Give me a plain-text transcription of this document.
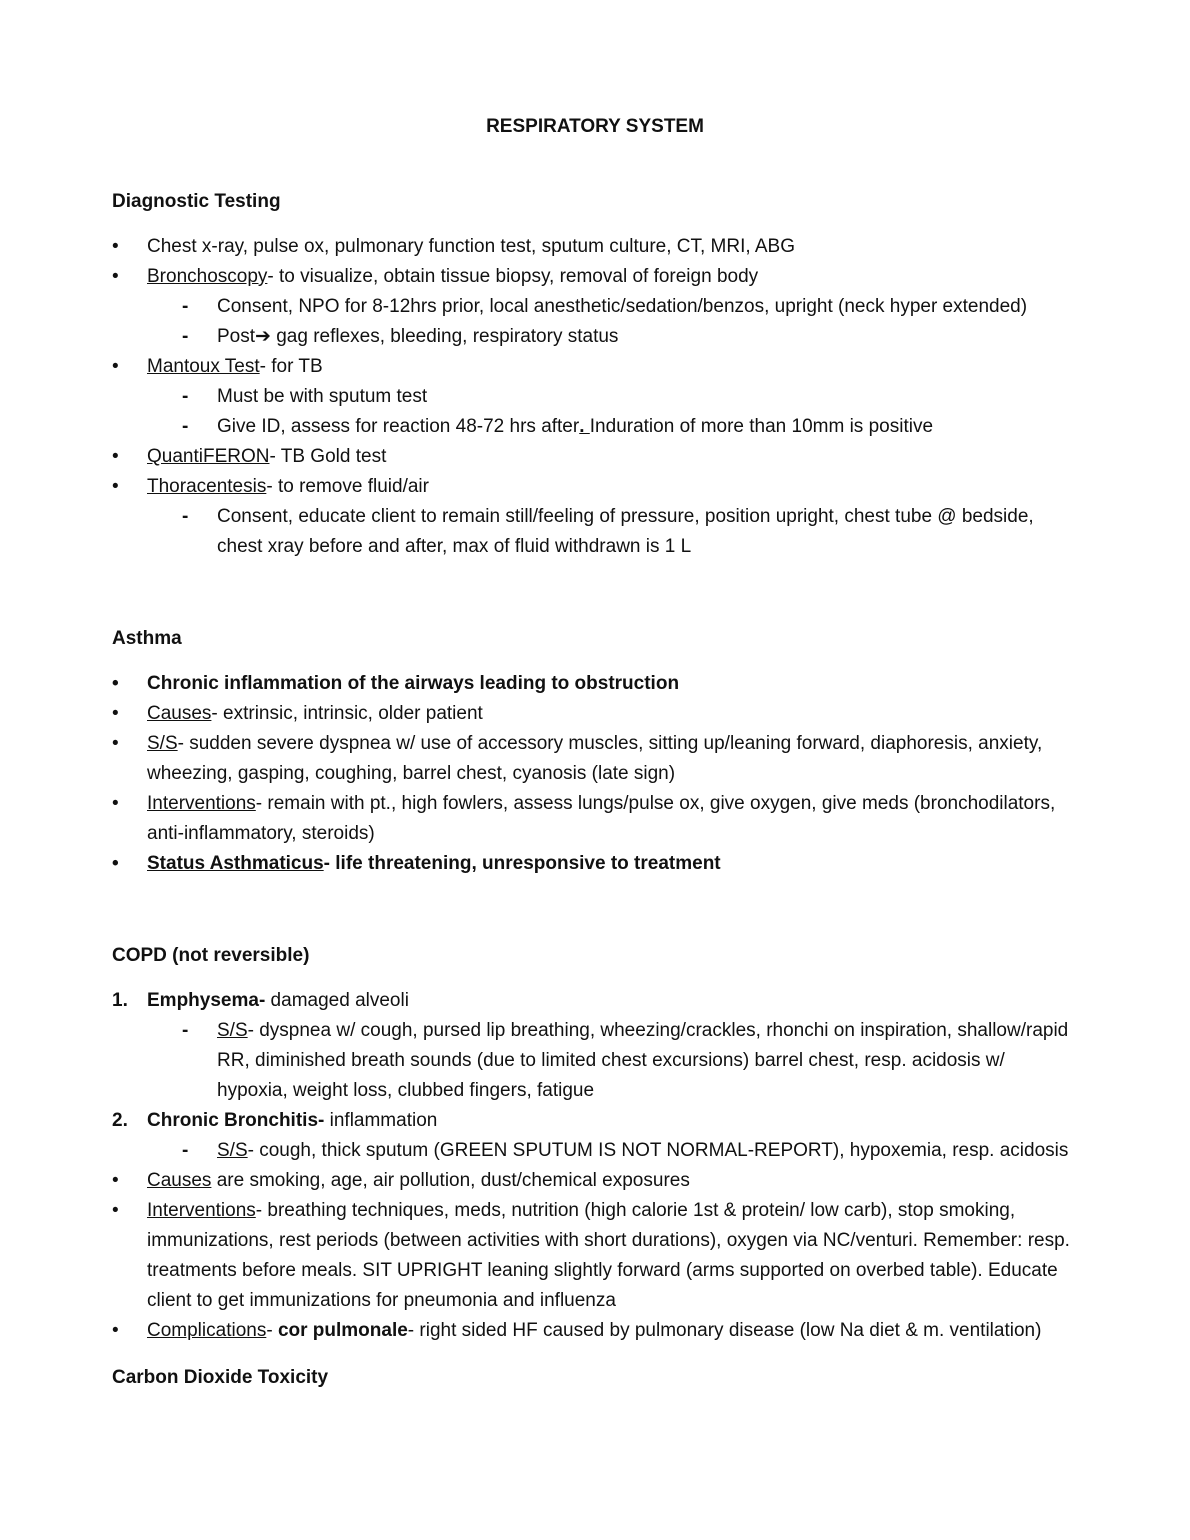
RESPIRATORY SYSTEM
Diagnostic Testing
•
Chest x-ray, pulse ox, pulmonary function test, sputum culture, CT, MRI, ABG
•
Bronchoscopy- to visualize, obtain tissue biopsy, removal of foreign body
- Consent, NPO for 8-12hrs prior, local anesthetic/sedation/benzos, upright (neck hyper extended)
- Post➔ gag reflexes, bleeding, respiratory status
•
Mantoux Test- for TB
- Must be with sputum test
- Give ID, assess for reaction 48-72 hrs after. Induration of more than 10mm is positive
•
QuantiFERON- TB Gold test
•
Thoracentesis- to remove fluid/air
- Consent, educate client to remain still/feeling of pressure, position upright, chest tube @ bedside, chest xray before and after, max of fluid withdrawn is 1 L
Asthma
•
Chronic inflammation of the airways leading to obstruction
•
Causes- extrinsic, intrinsic, older patient
•
S/S- sudden severe dyspnea w/ use of accessory muscles, sitting up/leaning forward, diaphoresis, anxiety, wheezing, gasping, coughing, barrel chest, cyanosis (late sign)
•
Interventions- remain with pt., high fowlers, assess lungs/pulse ox, give oxygen, give meds (bronchodilators, anti-inflammatory, steroids)
•
Status Asthmaticus- life threatening, unresponsive to treatment
COPD (not reversible)
1. Emphysema- damaged alveoli
- S/S- dyspnea w/ cough, pursed lip breathing, wheezing/crackles, rhonchi on inspiration, shallow/rapid RR, diminished breath sounds (due to limited chest excursions) barrel chest, resp. acidosis w/ hypoxia, weight loss, clubbed fingers, fatigue
2. Chronic Bronchitis- inflammation
- S/S- cough, thick sputum (GREEN SPUTUM IS NOT NORMAL-REPORT), hypoxemia, resp. acidosis
•
Causes are smoking, age, air pollution, dust/chemical exposures
•
Interventions- breathing techniques, meds, nutrition (high calorie 1st & protein/ low carb), stop smoking, immunizations, rest periods (between activities with short durations), oxygen via NC/venturi. Remember: resp. treatments before meals. SIT UPRIGHT leaning slightly forward (arms supported on overbed table). Educate client to get immunizations for pneumonia and influenza
•
Complications- cor pulmonale- right sided HF caused by pulmonary disease (low Na diet & m. ventilation)
Carbon Dioxide Toxicity
